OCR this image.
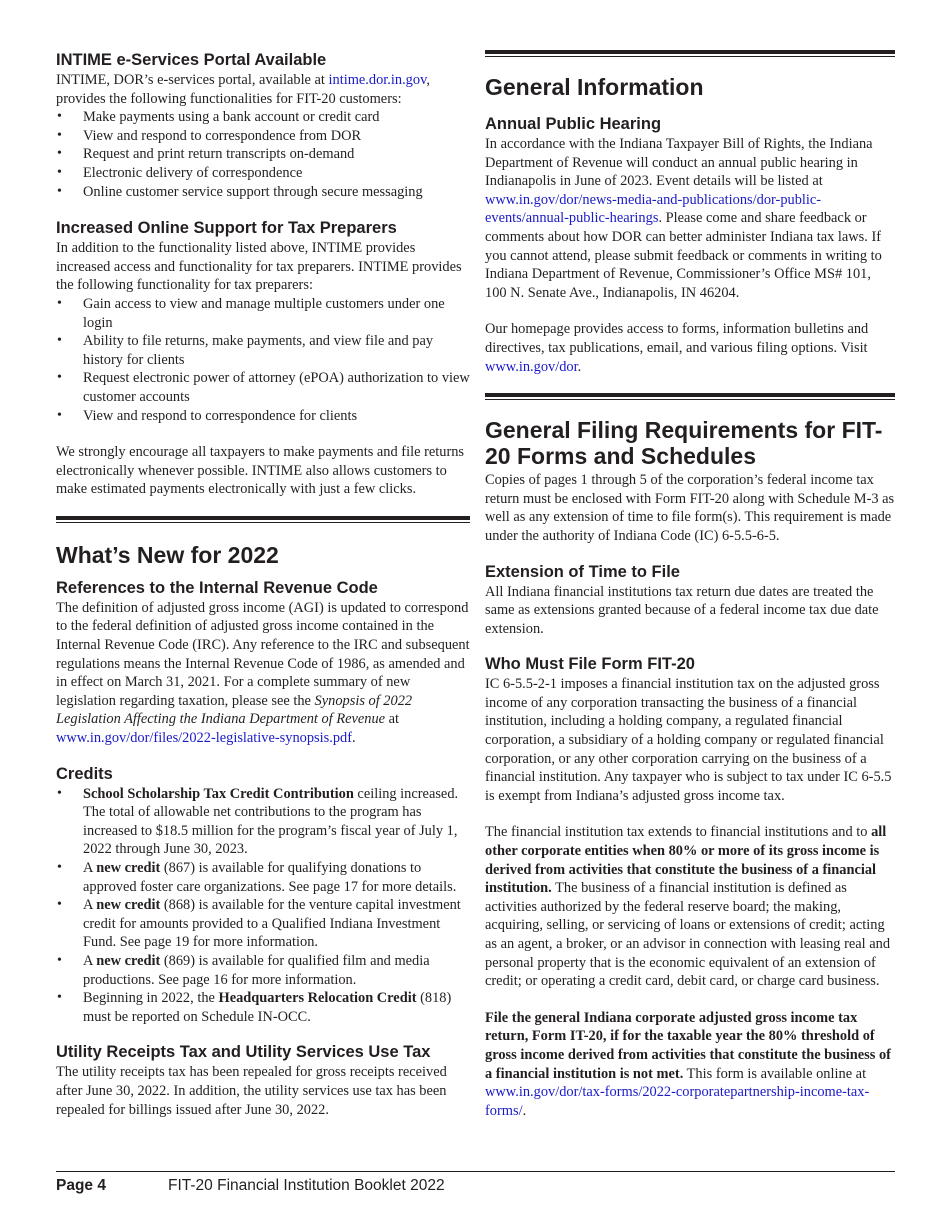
INTIME e-Services Portal Available

INTIME, DOR’s e-services portal, available at intime.dor.in.gov, provides the following functionalities for FIT-20 customers:

• Make payments using a bank account or credit card
• View and respond to correspondence from DOR
• Request and print return transcripts on-demand
• Electronic delivery of correspondence
• Online customer service support through secure messaging
Increased Online Support for Tax Preparers

In addition to the functionality listed above, INTIME provides increased access and functionality for tax preparers. INTIME provides the following functionality for tax preparers:

• Gain access to view and manage multiple customers under one login
• Ability to file returns, make payments, and view file and pay history for clients
• Request electronic power of attorney (ePOA) authorization to view customer accounts
• View and respond to correspondence for clients

We strongly encourage all taxpayers to make payments and file returns electronically whenever possible. INTIME also allows customers to make estimated payments electronically with just a few clicks.

What’s New for 2022
References to the Internal Revenue Code

The definition of adjusted gross income (AGI) is updated to correspond to the federal definition of adjusted gross income contained in the Internal Revenue Code (IRC). Any reference to the IRC and subsequent regulations means the Internal Revenue Code of 1986, as amended and in effect on March 31, 2021. For a complete summary of new legislation regarding taxation, please see the Synopsis of 2022 Legislation Affecting the Indiana Department of Revenue at www.in.gov/dor/files/2022-legislative-synopsis.pdf.

Credits
• School Scholarship Tax Credit Contribution ceiling increased. The total of allowable net contributions to the program has increased to $18.5 million for the program’s fiscal year of July 1, 2022 through June 30, 2023.
• A new credit (867) is available for qualifying donations to approved foster care organizations. See page 17 for more details.
• A new credit (868) is available for the venture capital investment credit for amounts provided to a Qualified Indiana Investment Fund. See page 19 for more information.
• A new credit (869) is available for qualified film and media productions. See page 16 for more information.
• Beginning in 2022, the Headquarters Relocation Credit (818) must be reported on Schedule IN-OCC.
Utility Receipts Tax and Utility Services Use Tax

The utility receipts tax has been repealed for gross receipts received after June 30, 2022. In addition, the utility services use tax has been repealed for billings issued after June 30, 2022.

General Information
Annual Public Hearing

In accordance with the Indiana Taxpayer Bill of Rights, the Indiana Department of Revenue will conduct an annual public hearing in Indianapolis in June of 2023. Event details will be listed at www.in.gov/dor/news-media-and-publications/dor-public-events/annual-public-hearings. Please come and share feedback or comments about how DOR can better administer Indiana tax laws. If you cannot attend, please submit feedback or comments in writing to Indiana Department of Revenue, Commissioner’s Office MS# 101, 100 N. Senate Ave., Indianapolis, IN 46204.

Our homepage provides access to forms, information bulletins and directives, tax publications, email, and various filing options. Visit www.in.gov/dor.

General Filing Requirements for FIT-20 Forms and Schedules

Copies of pages 1 through 5 of the corporation’s federal income tax return must be enclosed with Form FIT-20 along with Schedule M-3 as well as any extension of time to file form(s). This requirement is made under the authority of Indiana Code (IC) 6-5.5-6-5.

Extension of Time to File

All Indiana financial institutions tax return due dates are treated the same as extensions granted because of a federal income tax due date extension.

Who Must File Form FIT-20

IC 6-5.5-2-1 imposes a financial institution tax on the adjusted gross income of any corporation transacting the business of a financial institution, including a holding company, a regulated financial corporation, a subsidiary of a holding company or regulated financial corporation, or any other corporation carrying on the business of a financial institution. Any taxpayer who is subject to tax under IC 6-5.5 is exempt from Indiana’s adjusted gross income tax.

The financial institution tax extends to financial institutions and to all other corporate entities when 80% or more of its gross income is derived from activities that constitute the business of a financial institution. The business of a financial institution is defined as activities authorized by the federal reserve board; the making, acquiring, selling, or servicing of loans or extensions of credit; acting as an agent, a broker, or an advisor in connection with leasing real and personal property that is the economic equivalent of an extension of credit; or operating a credit card, debit card, or charge card business.

File the general Indiana corporate adjusted gross income tax return, Form IT-20, if for the taxable year the 80% threshold of gross income derived from activities that constitute the business of a financial institution is not met. This form is available online at www.in.gov/dor/tax-forms/2022-corporatepartnership-income-tax-forms/.

Page 4	FIT-20 Financial Institution Booklet 2022
